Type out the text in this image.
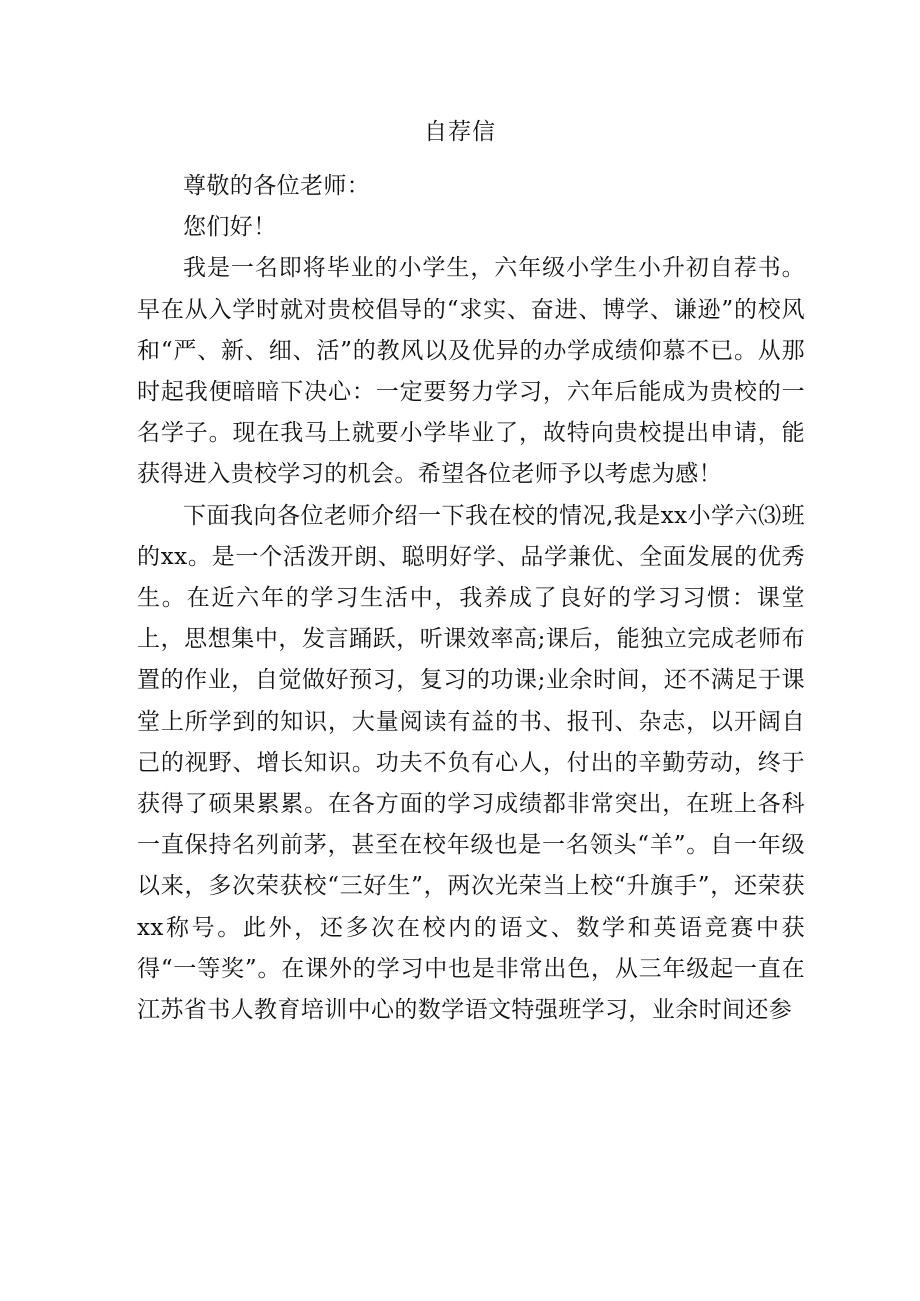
自荐信

尊敬的各位老师：

您们好！

我是一名即将毕业的小学生，六年级小学生小升初自荐书。早在从入学时就对贵校倡导的“求实、奋进、博学、谦逊”的校风和“严、新、细、活”的教风以及优异的办学成绩仰慕不已。从那时起我便暗暗下决心：一定要努力学习，六年后能成为贵校的一名学子。现在我马上就要小学毕业了，故特向贵校提出申请，能获得进入贵校学习的机会。希望各位老师予以考虑为感！

下面我向各位老师介绍一下我在校的情况,我是xx小学六⑶班的xx。是一个活泼开朗、聪明好学、品学兼优、全面发展的优秀生。在近六年的学习生活中，我养成了良好的学习习惯：课堂上，思想集中，发言踊跃，听课效率高;课后，能独立完成老师布置的作业，自觉做好预习，复习的功课;业余时间，还不满足于课堂上所学到的知识，大量阅读有益的书、报刊、杂志，以开阔自己的视野、增长知识。功夫不负有心人，付出的辛勤劳动，终于获得了硕果累累。在各方面的学习成绩都非常突出，在班上各科一直保持名列前茅，甚至在校年级也是一名领头“羊”。自一年级以来，多次荣获校“三好生”，两次光荣当上校“升旗手”，还荣获xx称号。此外，还多次在校内的语文、数学和英语竞赛中获得“一等奖”。在课外的学习中也是非常出色，从三年级起一直在江苏省书人教育培训中心的数学语文特强班学习，业余时间还参
